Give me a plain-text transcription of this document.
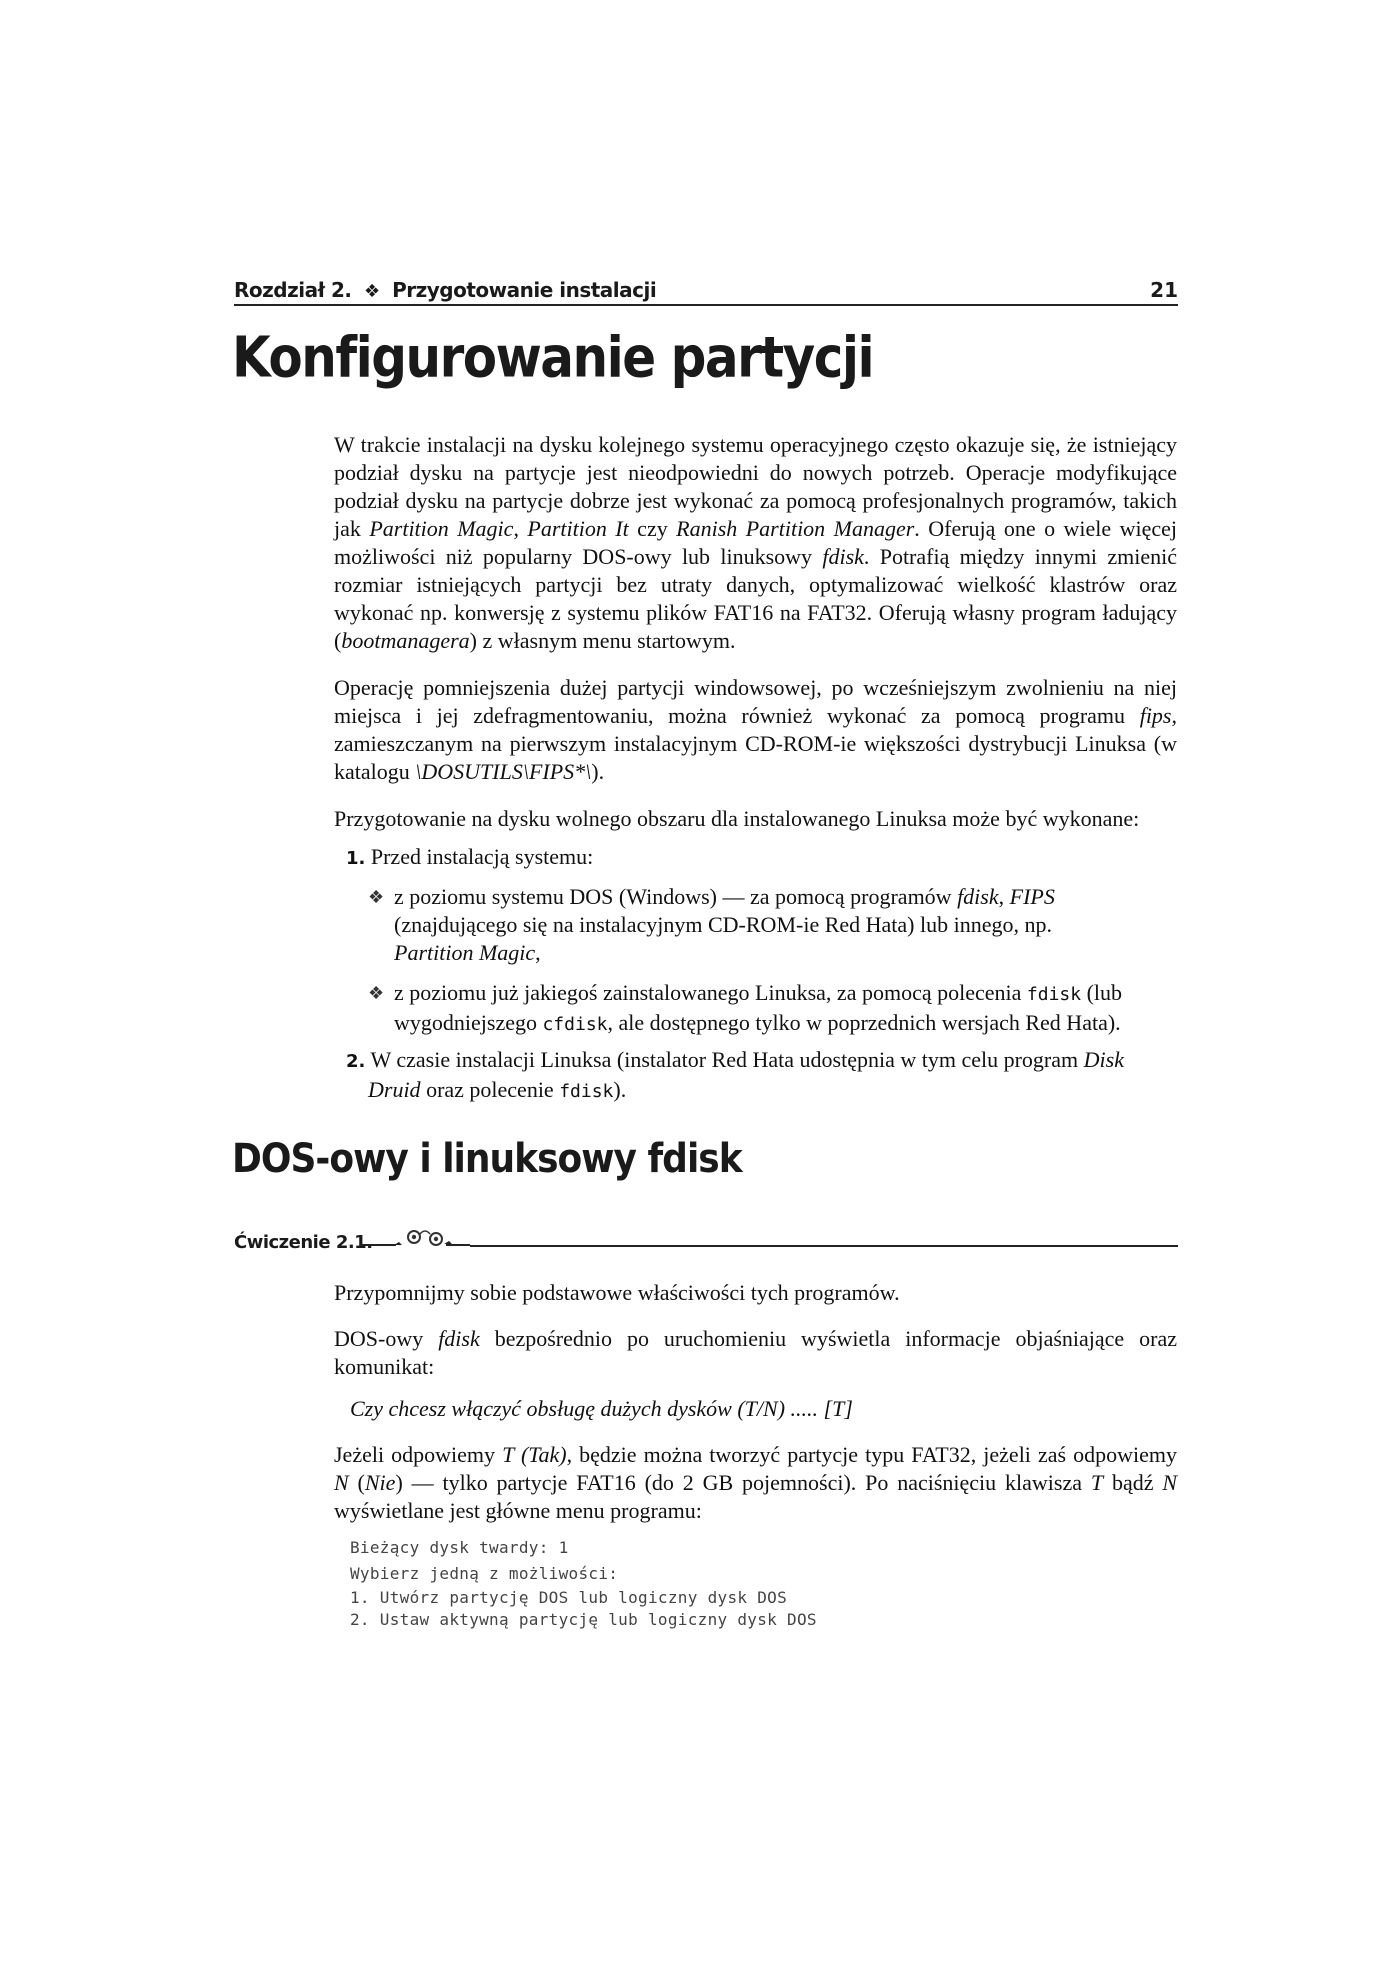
Rozdział 2. ❖ Przygotowanie instalacji	21
Konfigurowanie partycji

W trakcie instalacji na dysku kolejnego systemu operacyjnego często okazuje się, że istniejący podział dysku na partycje jest nieodpowiedni do nowych potrzeb. Operacje modyfikujące podział dysku na partycje dobrze jest wykonać za pomocą profesjonalnych programów, takich jak Partition Magic, Partition It czy Ranish Partition Manager. Oferują one o wiele więcej możliwości niż popularny DOS-owy lub linuksowy fdisk. Potrafią między innymi zmienić rozmiar istniejących partycji bez utraty danych, optymalizować wielkość klastrów oraz wykonać np. konwersję z systemu plików FAT16 na FAT32. Oferują własny program ładujący (bootmanagera) z własnym menu startowym.

Operację pomniejszenia dużej partycji windowsowej, po wcześniejszym zwolnieniu na niej miejsca i jej zdefragmentowaniu, można również wykonać za pomocą programu fips, zamieszczanym na pierwszym instalacyjnym CD-ROM-ie większości dystrybucji Linuksa (w katalogu \DOSUTILS\FIPS*\).

Przygotowanie na dysku wolnego obszaru dla instalowanego Linuksa może być wykonane:

1. Przed instalacją systemu:
❖ z poziomu systemu DOS (Windows) — za pomocą programów fdisk, FIPS (znajdującego się na instalacyjnym CD-ROM-ie Red Hata) lub innego, np. Partition Magic,

❖ z poziomu już jakiegoś zainstalowanego Linuksa, za pomocą polecenia fdisk (lub wygodniejszego cfdisk, ale dostępnego tylko w poprzednich wersjach Red Hata).

2. W czasie instalacji Linuksa (instalator Red Hata udostępnia w tym celu program Disk Druid oraz polecenie fdisk).

DOS-owy i linuksowy fdisk
Ćwiczenie 2.1.

Przypomnijmy sobie podstawowe właściwości tych programów.

DOS-owy fdisk bezpośrednio po uruchomieniu wyświetla informacje objaśniające oraz komunikat:

Czy chcesz włączyć obsługę dużych dysków (T/N) ..... [T]

Jeżeli odpowiemy T (Tak), będzie można tworzyć partycje typu FAT32, jeżeli zaś odpowiemy N (Nie) — tylko partycje FAT16 (do 2 GB pojemności). Po naciśnięciu klawisza T bądź N wyświetlane jest główne menu programu:

Bieżący dysk twardy: 1
Wybierz jedną z możliwości:
1. Utwórz partycję DOS lub logiczny dysk DOS
2. Ustaw aktywną partycję lub logiczny dysk DOS
